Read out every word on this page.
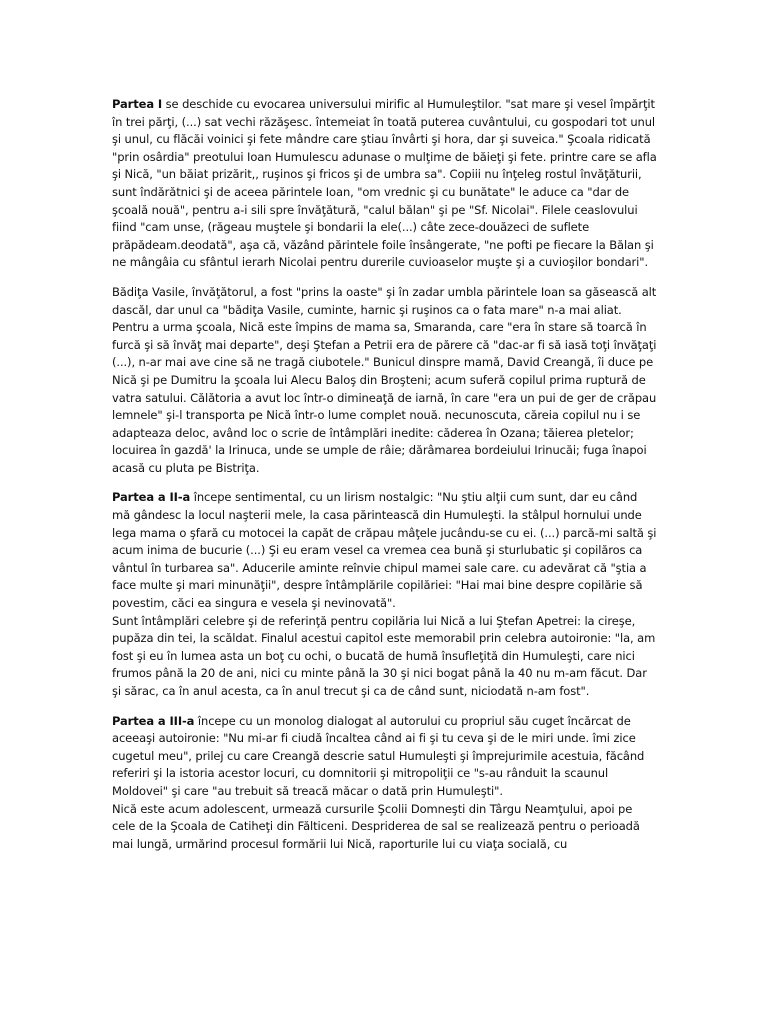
Partea I se deschide cu evocarea universului mirific al Humuleştilor. "sat mare şi vesel împărţit în trei părţi, (...) sat vechi răzăşesc. întemeiat în toată puterea cuvântului, cu gospodari tot unul şi unul, cu flăcăi voinici şi fete mândre care ştiau învârti şi hora, dar şi suveica." Şcoala ridicată "prin osârdia" preotului Ioan Humulescu adunase o mulţime de băieţi şi fete. printre care se afla şi Nică, "un băiat prizărit,, ruşinos şi fricos şi de umbra sa". Copiii nu înţeleg rostul învăţăturii, sunt îndărătnici şi de aceea părintele Ioan, "om vrednic şi cu bunătate" le aduce ca "dar de şcoală nouă", pentru a-i sili spre învăţătură, "calul bălan" şi pe "Sf. Nicolai". Filele ceaslovului fiind "cam unse, (răgeau muştele şi bondarii la ele(...) câte zece-douăzeci de suflete prăpădeam.deodată", aşa că, văzând părintele foile însângerate, "ne pofti pe fiecare la Bălan şi ne mângâia cu sfântul ierarh Nicolai pentru durerile cuvioaselor muşte şi a cuvioşilor bondari".

Bădiţa Vasile, învăţătorul, a fost "prins la oaste" şi în zadar umbla părintele Ioan sa găsească alt dascăl, dar unul ca "bădiţa Vasile, cuminte, harnic şi ruşinos ca o fata mare" n-a mai aliat. Pentru a urma şcoala, Nică este împins de mama sa, Smaranda, care "era în stare să toarcă în furcă şi să învăţ mai departe", deşi Ştefan a Petrii era de părere că "dac-ar fi să iasă toţi învăţaţi (...), n-ar mai ave cine să ne tragă ciubotele." Bunicul dinspre mamă, David Creangă, îi duce pe Nică şi pe Dumitru la şcoala lui Alecu Baloş din Broşteni; acum suferă copilul prima ruptură de vatra satului. Călătoria a avut loc într-o dimineaţă de iarnă, în care "era un pui de ger de crăpau lemnele" şi-l transporta pe Nică într-o lume complet nouă. necunoscuta, căreia copilul nu i se adapteaza deloc, având loc o scrie de întâmplări inedite: căderea în Ozana; tăierea pletelor; locuirea în gazdă' la Irinuca, unde se umple de râie; dărâmarea bordeiului Irinucăi; fuga înapoi acasă cu pluta pe Bistriţa.

Partea a II-a începe sentimental, cu un lirism nostalgic: "Nu ştiu alţii cum sunt, dar eu când mă gândesc la locul naşterii mele, la casa părintească din Humuleşti. la stâlpul hornului unde lega mama o şfară cu motocei la capăt de crăpau mâţele jucându-se cu ei. (...) parcă-mi saltă şi acum inima de bucurie (...) Şi eu eram vesel ca vremea cea bună şi sturlubatic şi copilăros ca vântul în turbarea sa". Aducerile aminte reînvie chipul mamei sale care. cu adevărat că "ştia a face multe şi mari minunăţii", despre întâmplările copilăriei: "Hai mai bine despre copilărie să povestim, căci ea singura e vesela şi nevinovată".

Sunt întâmplări celebre şi de referinţă pentru copilăria lui Nică a lui Ştefan Apetrei: la cireşe, pupăza din tei, la scăldat. Finalul acestui capitol este memorabil prin celebra autoironie: "la, am fost şi eu în lumea asta un boţ cu ochi, o bucată de humă însufleţită din Humuleşti, care nici frumos până la 20 de ani, nici cu minte până la 30 şi nici bogat până la 40 nu m-am făcut. Dar şi sărac, ca în anul acesta, ca în anul trecut şi ca de când sunt, niciodată n-am fost".

Partea a III-a începe cu un monolog dialogat al autorului cu propriul său cuget încărcat de aceeaşi autoironie: "Nu mi-ar fi ciudă încaltea când ai fi şi tu ceva şi de le miri unde. îmi zice cugetul meu", prilej cu care Creangă descrie satul Humuleşti şi împrejurimile acestuia, făcând referiri şi la istoria acestor locuri, cu domnitorii şi mitropoliţii ce "s-au rânduit la scaunul Moldovei" şi care "au trebuit să treacă măcar o dată prin Humuleşti".

Nică este acum adolescent, urmează cursurile Şcolii Domneşti din Târgu Neamţului, apoi pe cele de Ia Şcoala de Catiheţi din Fălticeni. Despriderea de sal se realizează pentru o perioadă mai lungă, urmărind procesul formării lui Nică, raporturile lui cu viaţa socială, cu
